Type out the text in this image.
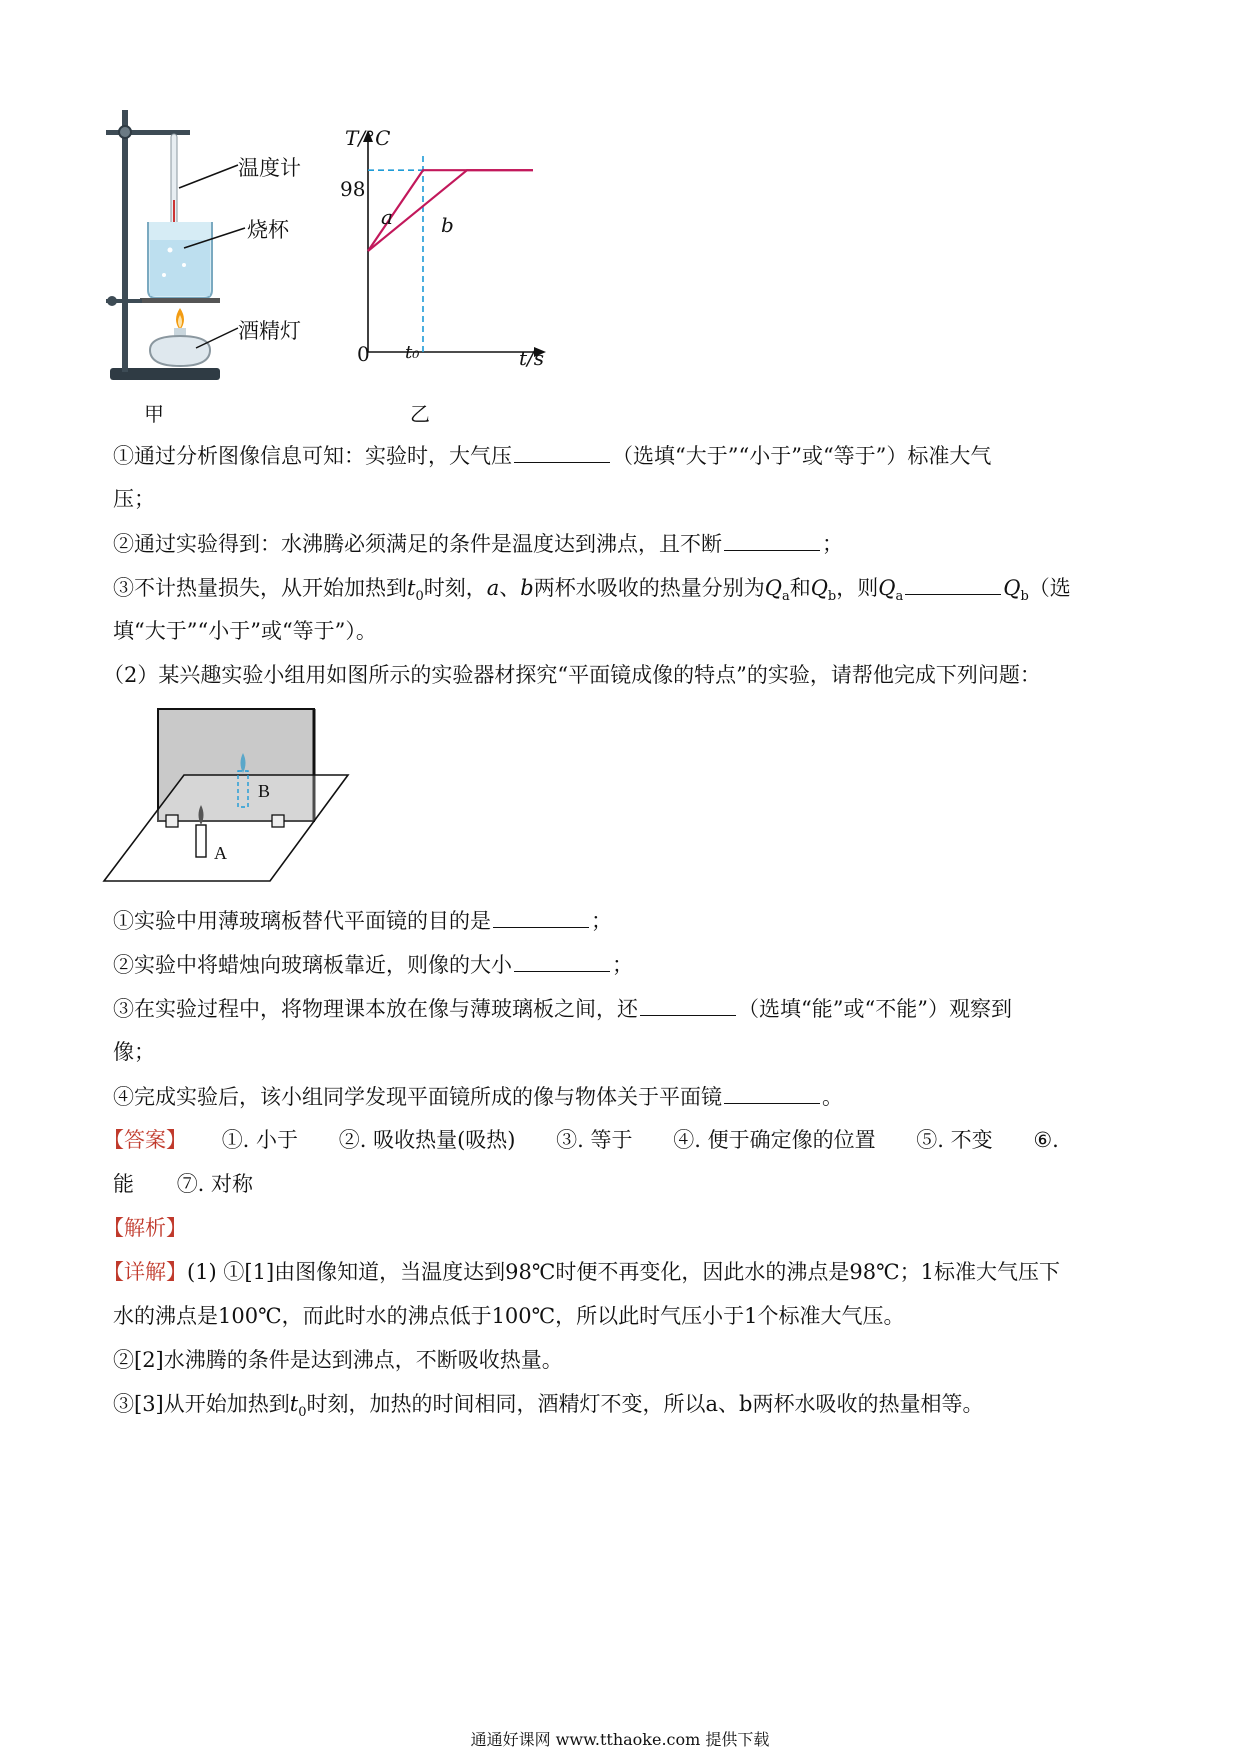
温度计
烧杯
酒精灯
甲
T/°C
98
a b
0 t₀	t/s
乙
①通过分析图像信息可知：实验时，大气压	（选填“大于”“小于”或“等于”）标准大气
压；
②通过实验得到：水沸腾必须满足的条件是温度达到沸点，且不断	；
③不计热量损失，从开始加热到$t_0$时刻，a、b两杯水吸收的热量分别为$Q_a$和$Q_b$，则$Q_a$	$Q_b$（选
填“大于”“小于”或“等于”）。
（2）某兴趣实验小组用如图所示的实验器材探究“平面镜成像的特点”的实验，请帮他完成下列问题：
B
A
①实验中用薄玻璃板替代平面镜的目的是	；
②实验中将蜡烛向玻璃板靠近，则像的大小	；
③在实验过程中，将物理课本放在像与薄玻璃板之间，还	（选填“能”或“不能”）观察到
像；
④完成实验后，该小组同学发现平面镜所成的像与物体关于平面镜	。
【答案】 ①. 小于 ②. 吸收热量(吸热) ③. 等于 ④. 便于确定像的位置 ⑤. 不变 ⑥.
能 ⑦. 对称
【解析】
【详解】(1) ①[1]由图像知道，当温度达到98℃时便不再变化，因此水的沸点是98℃；1标准大气压下
水的沸点是100℃，而此时水的沸点低于100℃，所以此时气压小于1个标准大气压。
②[2]水沸腾的条件是达到沸点，不断吸收热量。
③[3]从开始加热到$t_0$时刻，加热的时间相同，酒精灯不变，所以a、b两杯水吸收的热量相等。
通通好课网 www.tthaoke.com 提供下载
